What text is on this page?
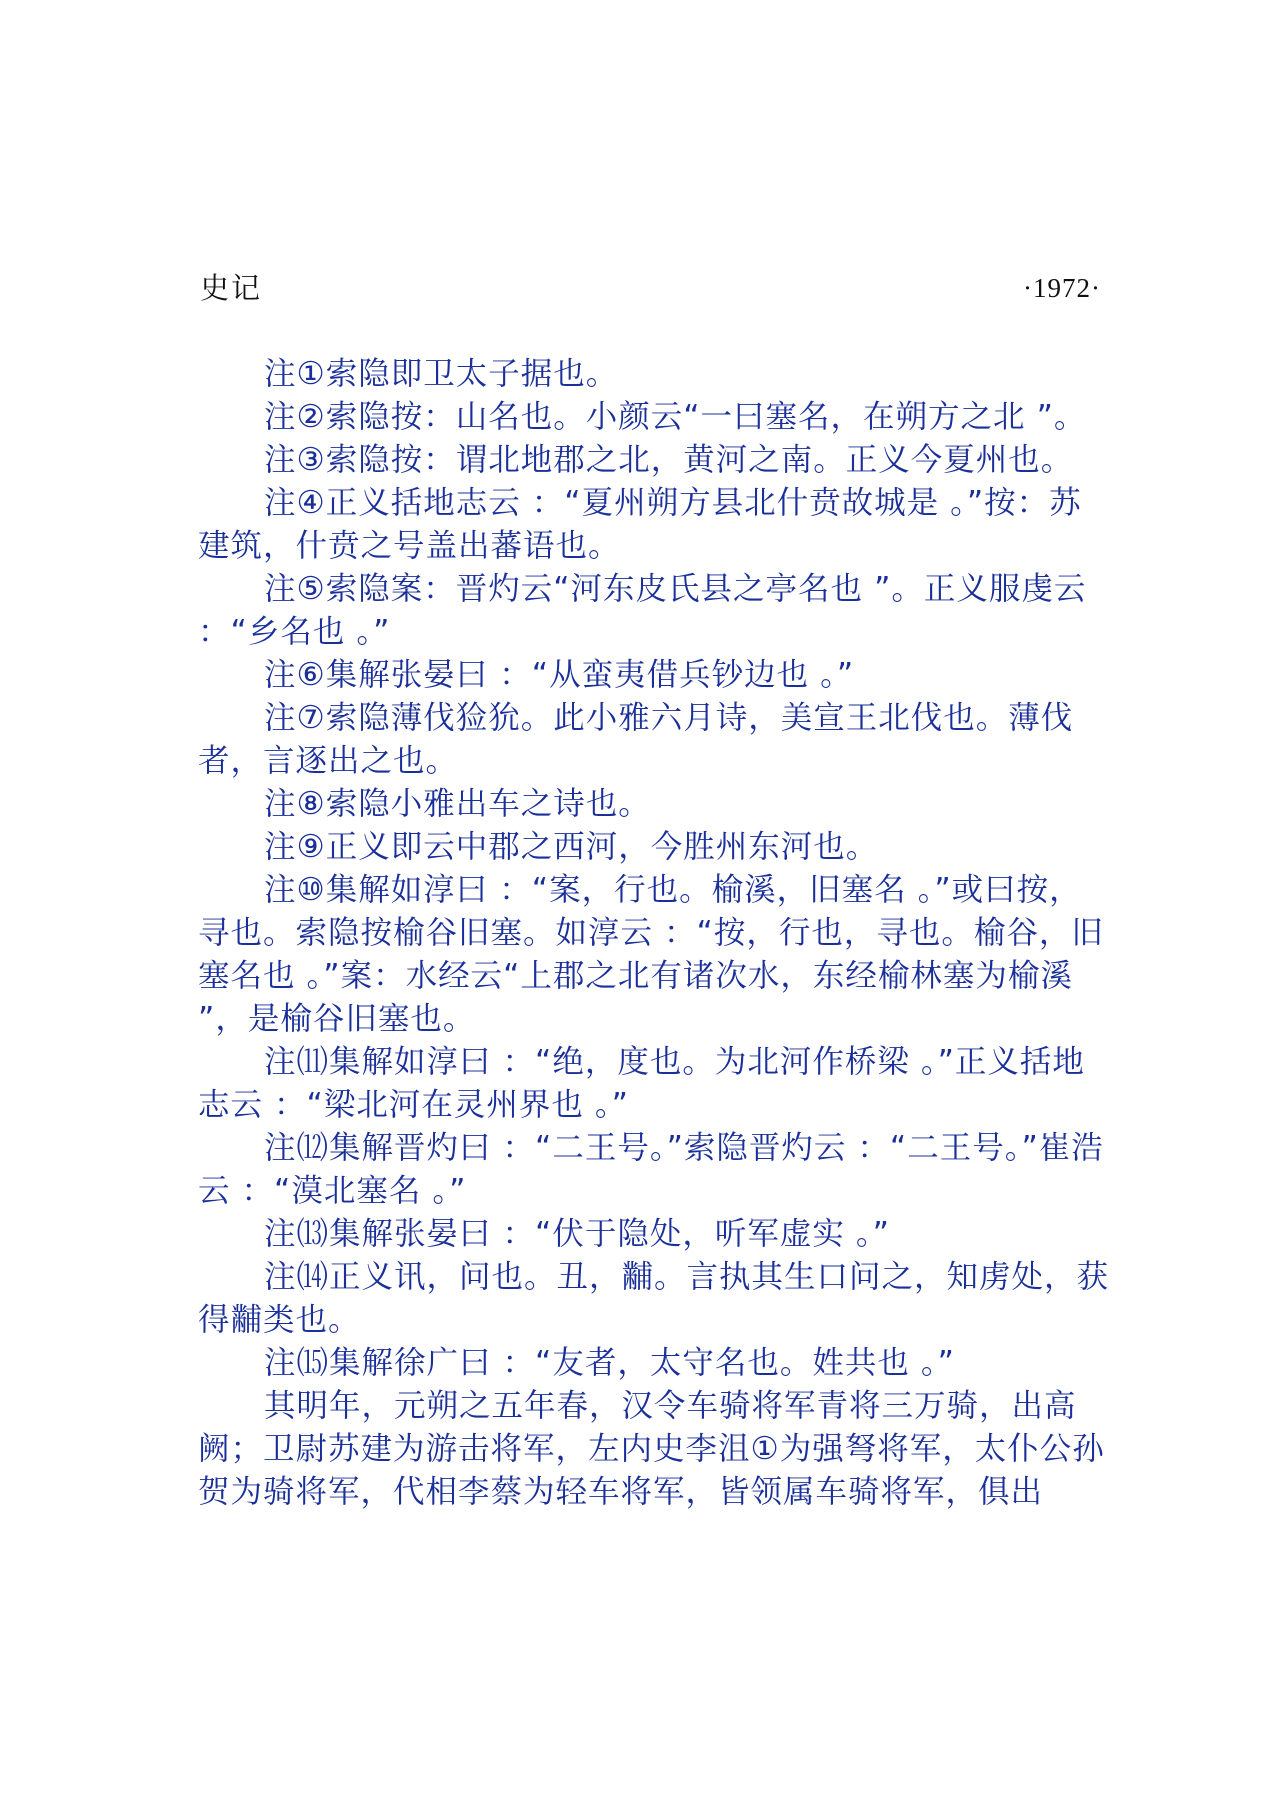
史记	·1972·

注①索隐即卫太子据也。

注②索隐按：山名也。小颜云“一曰塞名，在朔方之北 ”。

注③索隐按：谓北地郡之北，黄河之南。正义今夏州也。

注④正义括地志云 ：“夏州朔方县北什贲故城是 。”按：苏建筑，什贲之号盖出蕃语也。

注⑤索隐案：晋灼云“河东皮氏县之亭名也 ”。正义服虔云 ：“乡名也 。”

注⑥集解张晏曰 ：“从蛮夷借兵钞边也 。”

注⑦索隐薄伐猃狁。此小雅六月诗，美宣王北伐也。薄伐者，言逐出之也。

注⑧索隐小雅出车之诗也。

注⑨正义即云中郡之西河，今胜州东河也。

注⑩集解如淳曰 ：“案，行也。榆溪，旧塞名 。”或曰按，寻也。索隐按榆谷旧塞。如淳云 ：“按，行也，寻也。榆谷，旧塞名也 。”案：水经云“上郡之北有诸次水，东经榆林塞为榆溪 ”，是榆谷旧塞也。

注⑾集解如淳曰 ：“绝，度也。为北河作桥梁 。”正义括地志云 ：“梁北河在灵州界也 。”

注⑿集解晋灼曰 ：“二王号。”索隐晋灼云 ：“二王号。”崔浩云 ：“漠北塞名 。”

注⒀集解张晏曰 ：“伏于隐处，听军虚实 。”

注⒁正义讯，问也。丑，黼。言执其生口问之，知虏处，获得黼类也。

注⒂集解徐广曰 ：“友者，太守名也。姓共也 。”

其明年，元朔之五年春，汉令车骑将军青将三万骑，出高阙；卫尉苏建为游击将军，左内史李沮①为强弩将军，太仆公孙贺为骑将军，代相李蔡为轻车将军，皆领属车骑将军，俱出
